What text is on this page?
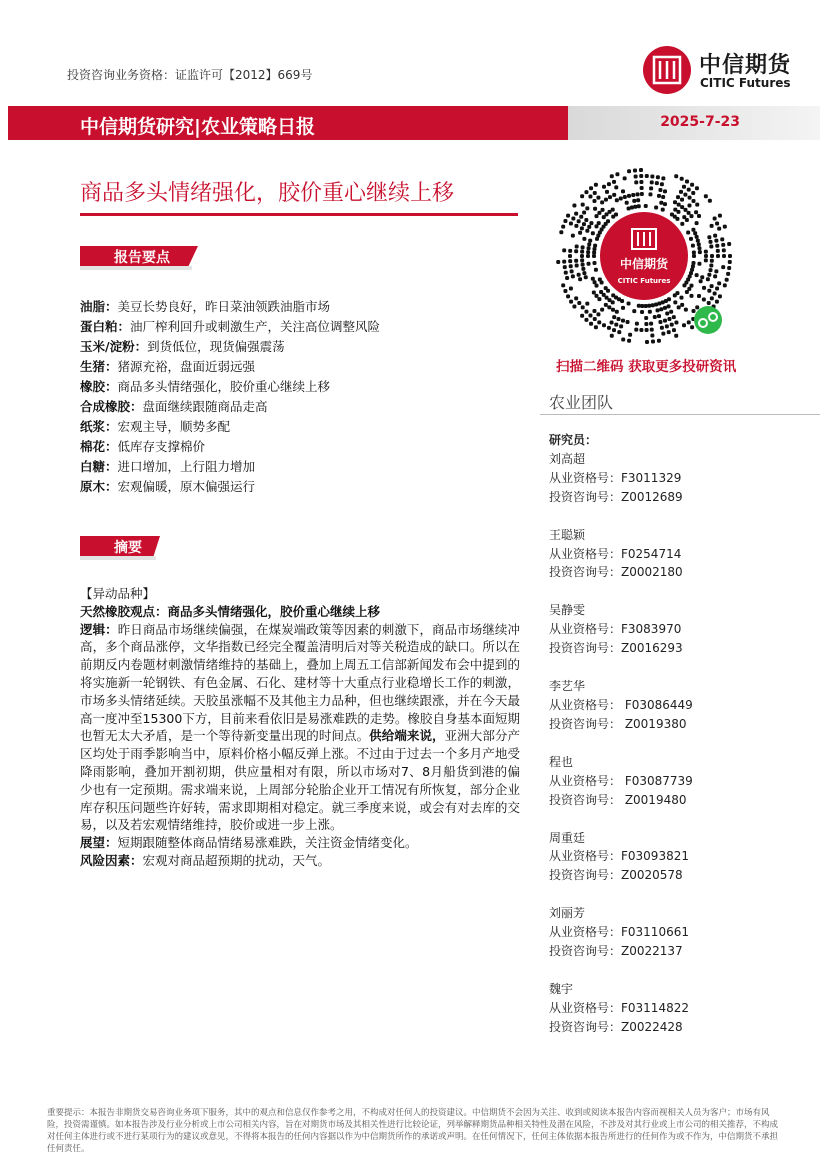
投资咨询业务资格：证监许可【2012】669号	中信期货
CITIC Futures
中信期货研究|农业策略日报	2025-7-23
商品多头情绪强化，胶价重心继续上移
报告要点
油脂：美豆长势良好，昨日菜油领跌油脂市场
蛋白粕：油厂榨利回升或刺激生产，关注高位调整风险
玉米/淀粉：到货低位，现货偏强震荡
生猪：猪源充裕，盘面近弱远强
橡胶：商品多头情绪强化，胶价重心继续上移
合成橡胶：盘面继续跟随商品走高
纸浆：宏观主导，顺势多配
棉花：低库存支撑棉价
白糖：进口增加，上行阻力增加
原木：宏观偏暖，原木偏强运行
摘要

【异动品种】

天然橡胶观点：商品多头情绪强化，胶价重心继续上移

逻辑：昨日商品市场继续偏强，在煤炭端政策等因素的刺激下，商品市场继续冲高，多个商品涨停，文华指数已经完全覆盖清明后对等关税造成的缺口。所以在前期反内卷题材刺激情绪维持的基础上，叠加上周五工信部新闻发布会中提到的将实施新一轮钢铁、有色金属、石化、建材等十大重点行业稳增长工作的刺激，市场多头情绪延续。天胶虽涨幅不及其他主力品种，但也继续跟涨，并在今天最高一度冲至15300下方，目前来看依旧是易涨难跌的走势。橡胶自身基本面短期也暂无太大矛盾，是一个等待新变量出现的时间点。供给端来说，亚洲大部分产区均处于雨季影响当中，原料价格小幅反弹上涨。不过由于过去一个多月产地受降雨影响，叠加开割初期，供应量相对有限，所以市场对7、8月船货到港的偏少也有一定预期。需求端来说，上周部分轮胎企业开工情况有所恢复，部分企业库存积压问题些许好转，需求即期相对稳定。就三季度来说，或会有对去库的交易，以及若宏观情绪维持，胶价或进一步上涨。

展望：短期跟随整体商品情绪易涨难跌，关注资金情绪变化。

风险因素：宏观对商品超预期的扰动，天气。

中信期货
CITIC Futures
扫描二维码 获取更多投研资讯
农业团队
研究员：
刘高超
从业资格号：F3011329
投资咨询号：Z0012689
王聪颖
从业资格号：F0254714
投资咨询号：Z0002180
吴静雯
从业资格号：F3083970
投资咨询号：Z0016293
李艺华
从业资格号： F03086449
投资咨询号： Z0019380
程也
从业资格号： F03087739
投资咨询号： Z0019480
周重廷
从业资格号：F03093821
投资咨询号：Z0020578
刘丽芳
从业资格号：F03110661
投资咨询号：Z0022137
魏宇
从业资格号：F03114822
投资咨询号：Z0022428
重要提示：本报告非期货交易咨询业务项下服务，其中的观点和信息仅作参考之用，不构成对任何人的投资建议。中信期货不会因为关注、收到或阅读本报告内容而视相关人员为客户；市场有风险，投资需谨慎。如本报告涉及行业分析或上市公司相关内容，旨在对期货市场及其相关性进行比较论证，列举解释期货品种相关特性及潜在风险，不涉及对其行业或上市公司的相关推荐，不构成对任何主体进行或不进行某项行为的建议或意见，不得将本报告的任何内容据以作为中信期货所作的承诺或声明。在任何情况下，任何主体依据本报告所进行的任何作为或不作为，中信期货不承担任何责任。
